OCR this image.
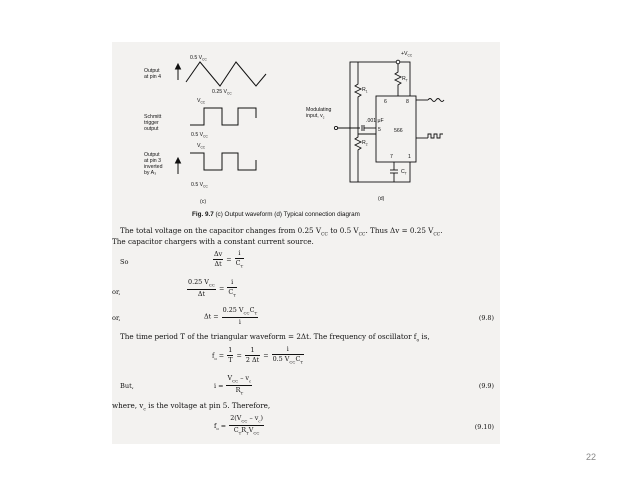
Output
at pin 4
Schmitt
trigger
output
Output
at pin 3
inverted
by A₃
0.5 $V_{CC}$
0.25 $V_{CC}$
$V_{CC}$
0.5 $V_{CC}$
$V_{CC}$
0.5 $V_{CC}$
(c)
$+V_{CC}$
$R_T$
$R_1$
$R_2$
6	8
5
7	1
566
.001 μF
Modulating
input, $v_c$
$C_T$
(d)
Fig. 9.7 (c) Output waveform (d) Typical connection diagram
The total voltage on the capacitor changes from 0.25 $V_{CC}$ to 0.5 $V_{CC}$. Thus Δv = 0.25 $V_{CC}$.
The capacitor chargers with a constant current source.
So	$\frac{\Delta v}{\Delta t} = \frac{i}{C_T}$
or,	$\frac{0.25 V_{CC}}{\Delta t} = \frac{i}{C_T}$
or,	$\Delta t = \frac{0.25 V_{CC}C_T}{i}$	(9.8)
The time period T of the triangular waveform = 2Δt. The frequency of oscillator $f_o$ is,
$f_o = \frac{1}{T} = \frac{1}{2 \Delta t} = \frac{i}{0.5 V_{CC}C_T}$
But,	$i = \frac{V_{CC} - v_c}{R_T}$	(9.9)
where, $v_c$ is the voltage at pin 5. Therefore,
$f_o = \frac{2(V_{CC} - v_c)}{C_TR_TV_{CC}}$	(9.10)
22
